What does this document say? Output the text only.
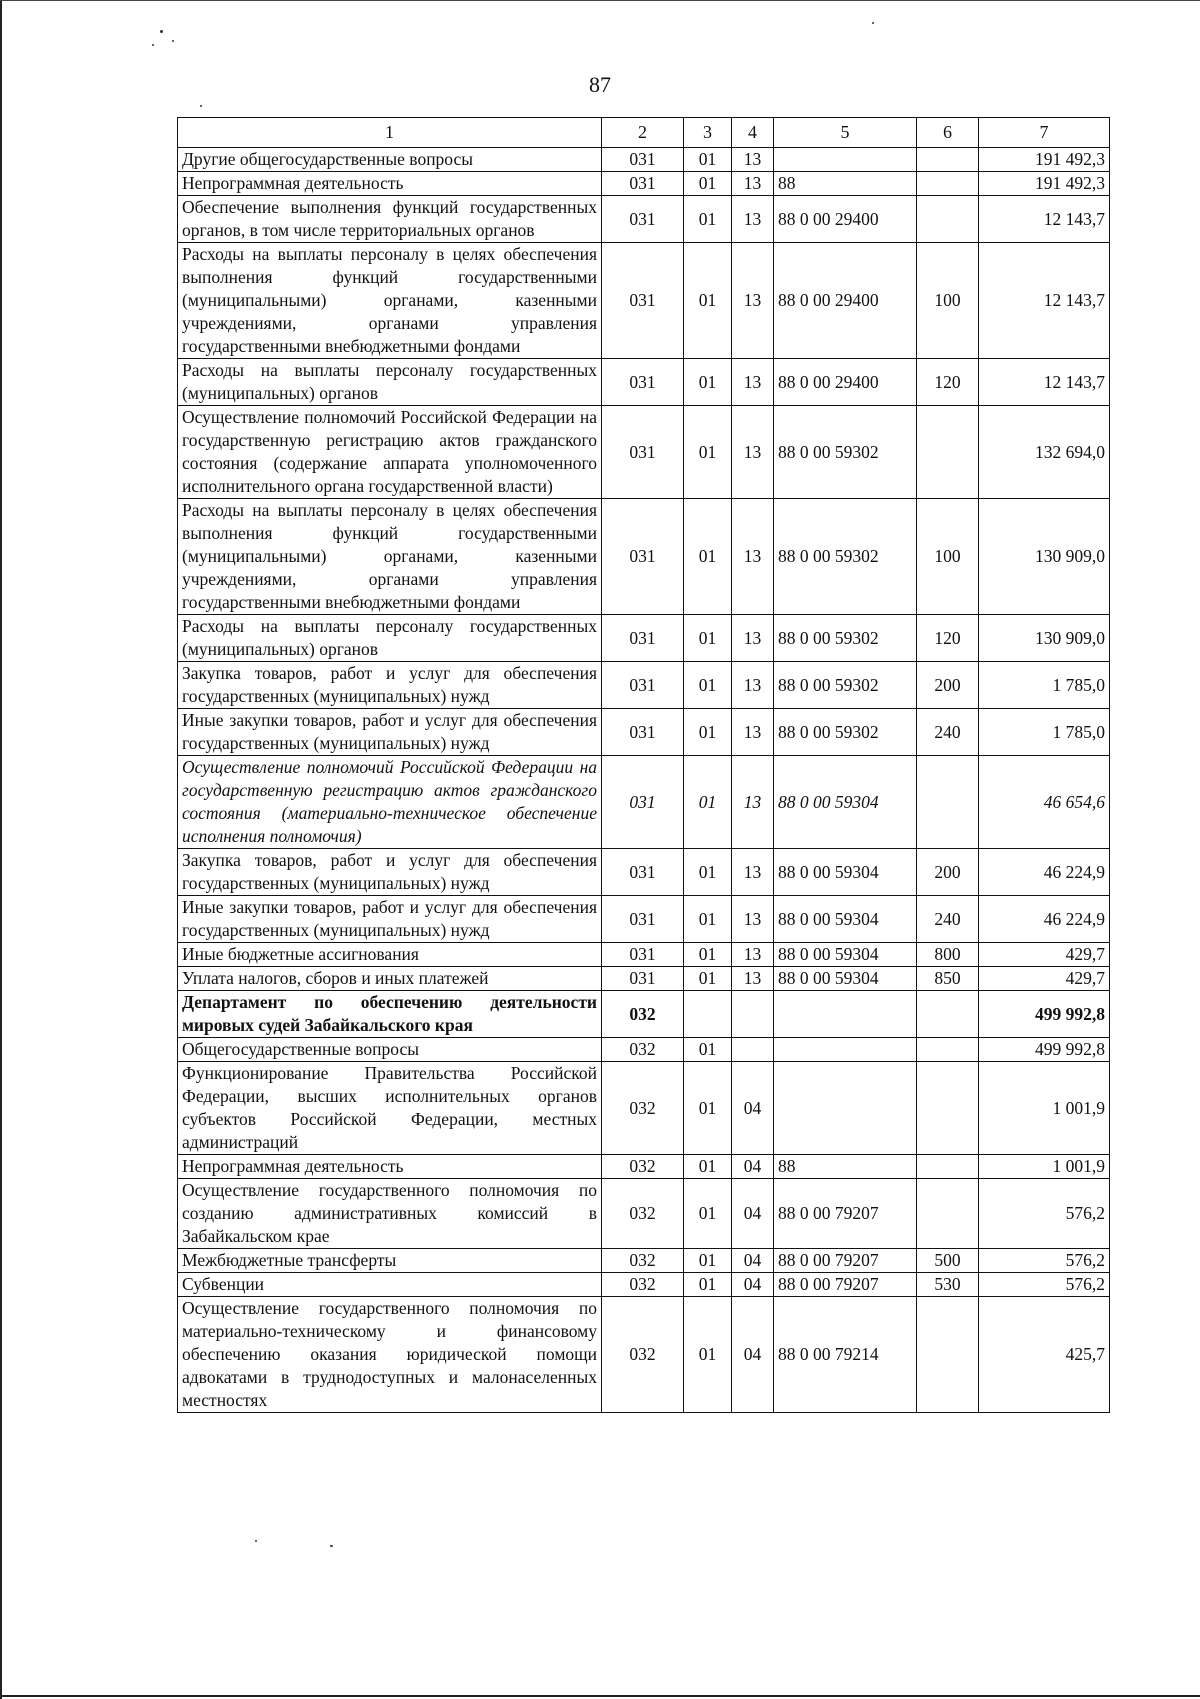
87
1	2	3	4	5	6	7
Другие общегосударственные вопросы	031	01	13			191 492,3
Непрограммная деятельность	031	01	13	88		191 492,3
Обеспечение выполнения функций государственных органов, в том числе территориальных органов	031	01	13	88 0 00 29400		12 143,7
Расходы на выплаты персоналу в целях обеспечения выполнения функций государственными (муниципальными) органами, казенными учреждениями, органами управления государственными внебюджетными фондами	031	01	13	88 0 00 29400	100	12 143,7
Расходы на выплаты персоналу государственных (муниципальных) органов	031	01	13	88 0 00 29400	120	12 143,7
Осуществление полномочий Российской Федерации на государственную регистрацию актов гражданского состояния (содержание аппарата уполномоченного исполнительного органа государственной власти)	031	01	13	88 0 00 59302		132 694,0
Расходы на выплаты персоналу в целях обеспечения выполнения функций государственными (муниципальными) органами, казенными учреждениями, органами управления государственными внебюджетными фондами	031	01	13	88 0 00 59302	100	130 909,0
Расходы на выплаты персоналу государственных (муниципальных) органов	031	01	13	88 0 00 59302	120	130 909,0
Закупка товаров, работ и услуг для обеспечения государственных (муниципальных) нужд	031	01	13	88 0 00 59302	200	1 785,0
Иные закупки товаров, работ и услуг для обеспечения государственных (муниципальных) нужд	031	01	13	88 0 00 59302	240	1 785,0
Осуществление полномочий Российской Федерации на государственную регистрацию актов гражданского состояния (материально-техническое обеспечение исполнения полномочия)	031	01	13	88 0 00 59304		46 654,6
Закупка товаров, работ и услуг для обеспечения государственных (муниципальных) нужд	031	01	13	88 0 00 59304	200	46 224,9
Иные закупки товаров, работ и услуг для обеспечения государственных (муниципальных) нужд	031	01	13	88 0 00 59304	240	46 224,9
Иные бюджетные ассигнования	031	01	13	88 0 00 59304	800	429,7
Уплата налогов, сборов и иных платежей	031	01	13	88 0 00 59304	850	429,7
Департамент по обеспечению деятельности мировых судей Забайкальского края	032					499 992,8
Общегосударственные вопросы	032	01				499 992,8
Функционирование Правительства Российской Федерации, высших исполнительных органов субъектов Российской Федерации, местных администраций	032	01	04			1 001,9
Непрограммная деятельность	032	01	04	88		1 001,9
Осуществление государственного полномочия по созданию административных комиссий в Забайкальском крае	032	01	04	88 0 00 79207		576,2
Межбюджетные трансферты	032	01	04	88 0 00 79207	500	576,2
Субвенции	032	01	04	88 0 00 79207	530	576,2
Осуществление государственного полномочия по материально-техническому и финансовому обеспечению оказания юридической помощи адвокатами в труднодоступных и малонаселенных местностях	032	01	04	88 0 00 79214		425,7
